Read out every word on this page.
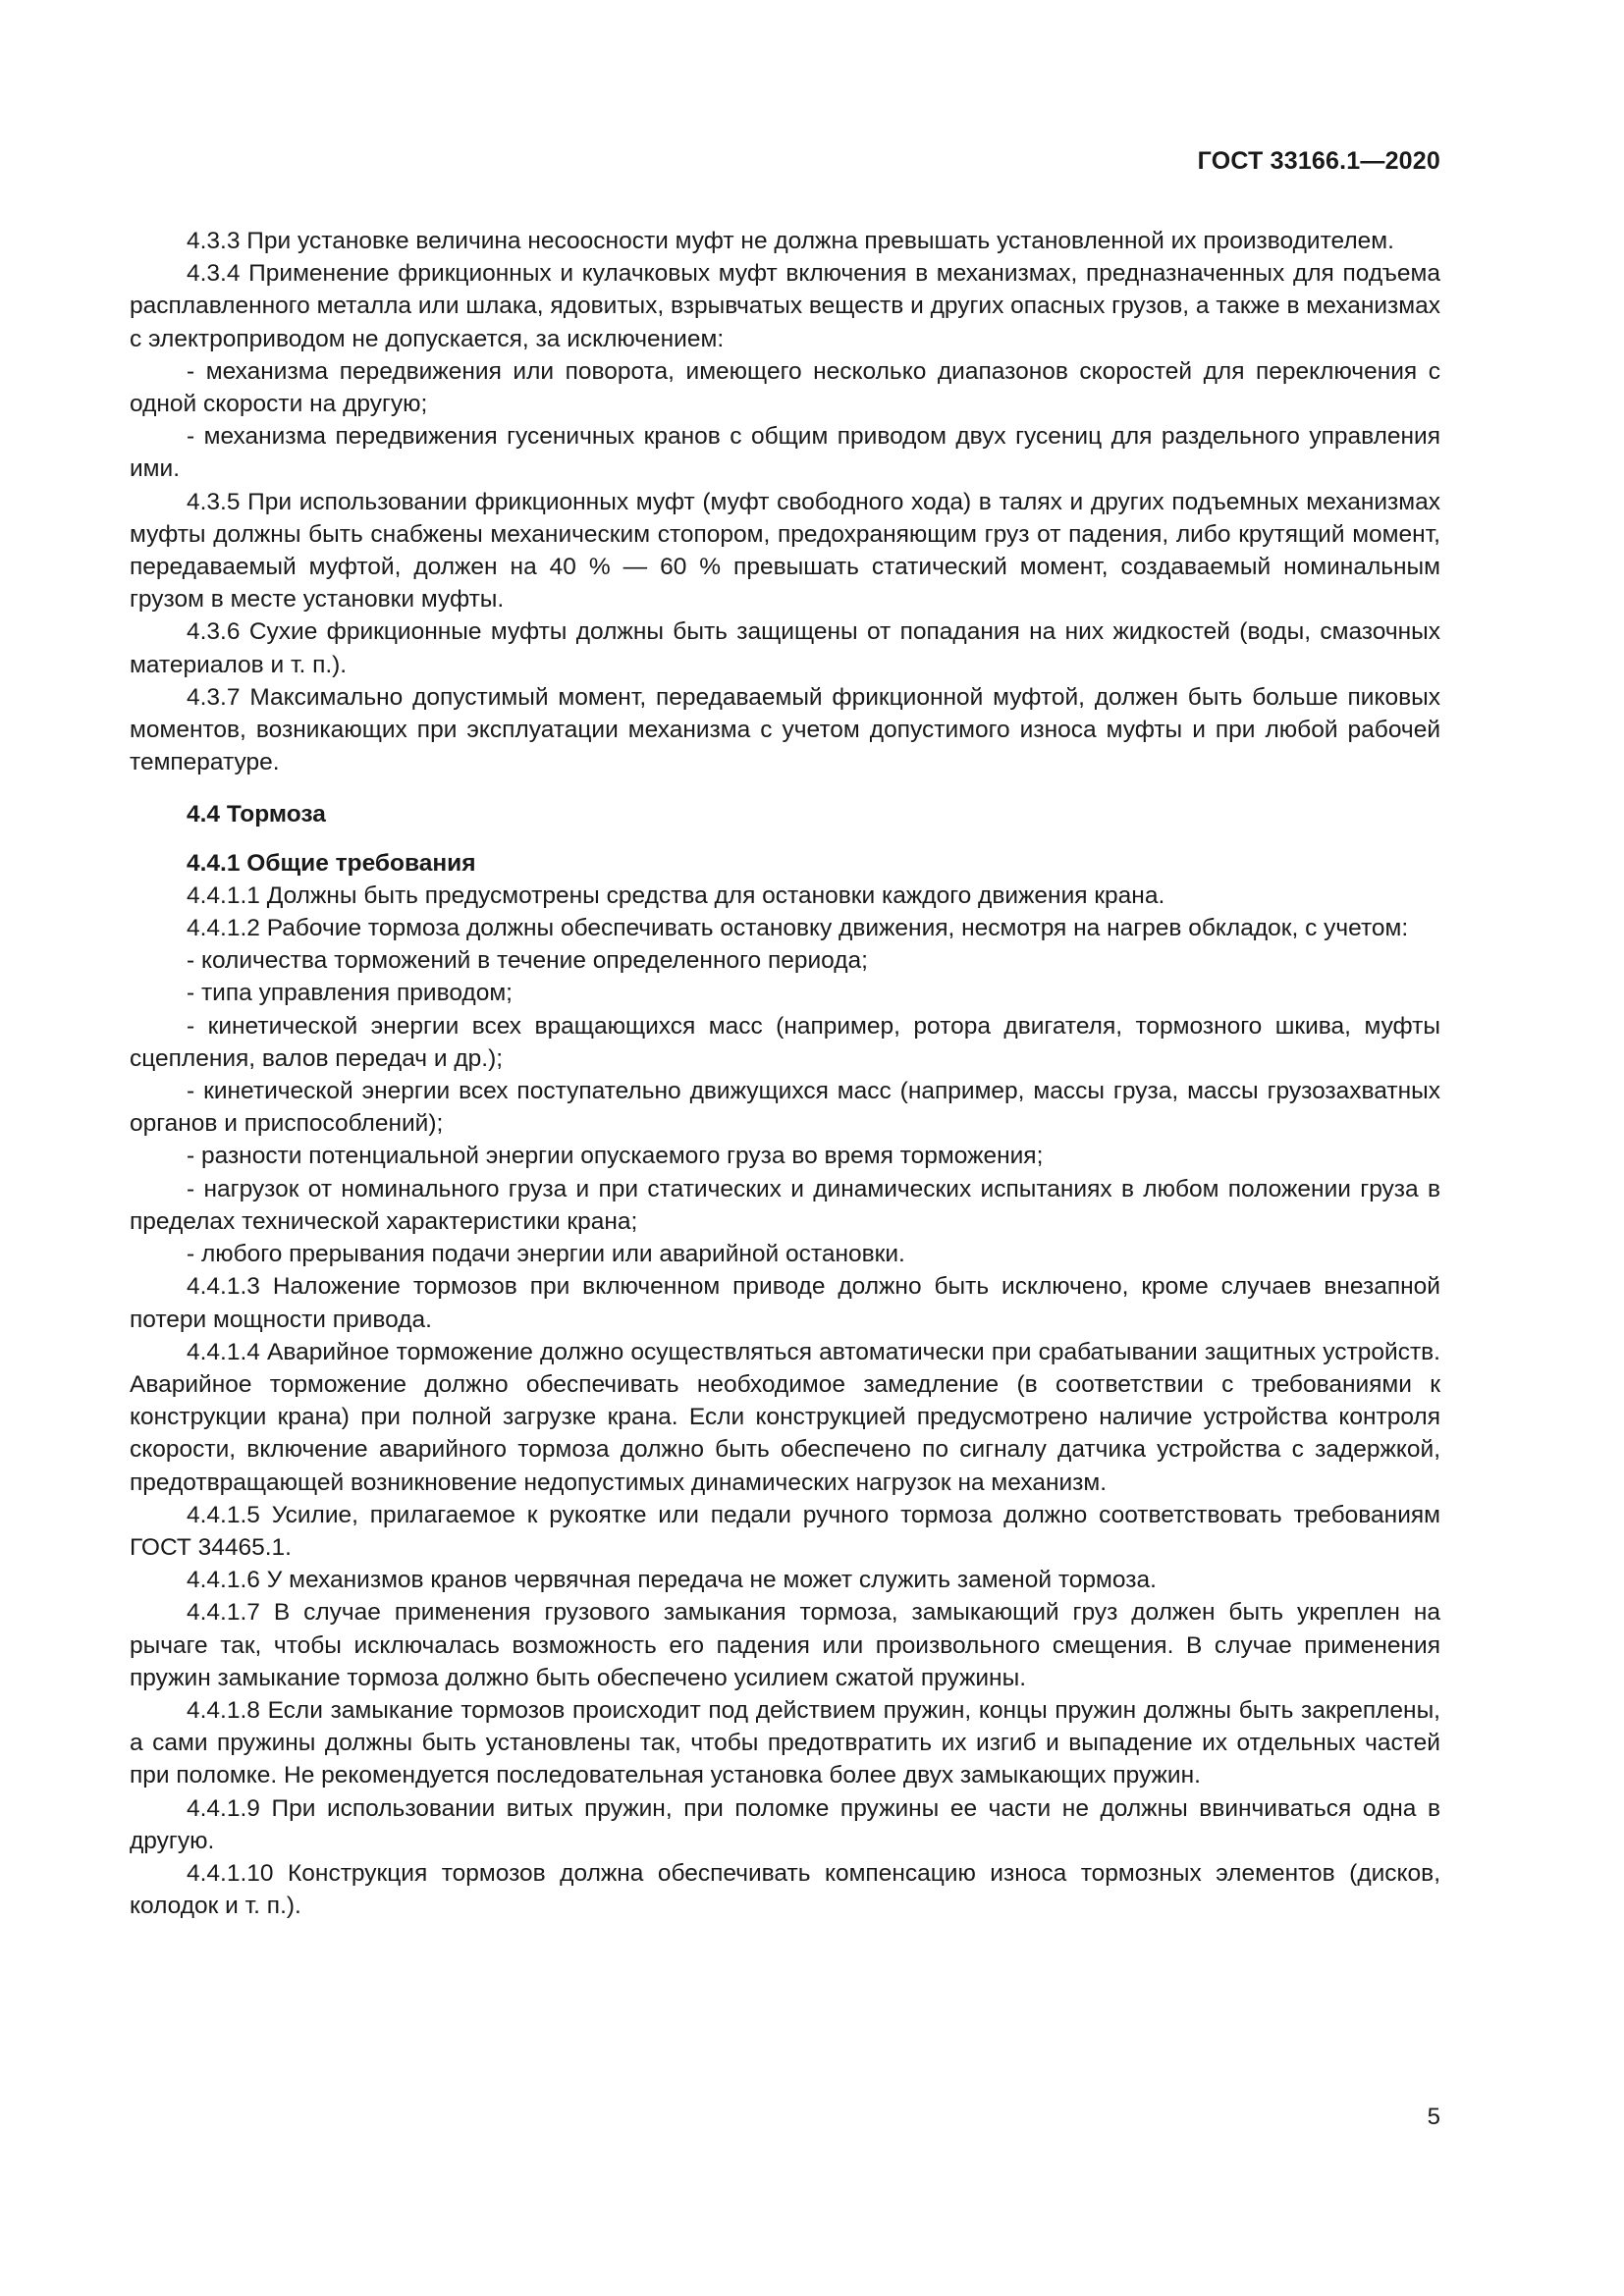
ГОСТ 33166.1—2020

4.3.3 При установке величина несоосности муфт не должна превышать установленной их производителем.

4.3.4 Применение фрикционных и кулачковых муфт включения в механизмах, предназначенных для подъема расплавленного металла или шлака, ядовитых, взрывчатых веществ и других опасных грузов, а также в механизмах с электроприводом не допускается, за исключением:

- механизма передвижения или поворота, имеющего несколько диапазонов скоростей для переключения с одной скорости на другую;

- механизма передвижения гусеничных кранов с общим приводом двух гусениц для раздельного управления ими.

4.3.5 При использовании фрикционных муфт (муфт свободного хода) в талях и других подъемных механизмах муфты должны быть снабжены механическим стопором, предохраняющим груз от падения, либо крутящий момент, передаваемый муфтой, должен на 40 % — 60 % превышать статический момент, создаваемый номинальным грузом в месте установки муфты.

4.3.6 Сухие фрикционные муфты должны быть защищены от попадания на них жидкостей (воды, смазочных материалов и т. п.).

4.3.7 Максимально допустимый момент, передаваемый фрикционной муфтой, должен быть больше пиковых моментов, возникающих при эксплуатации механизма с учетом допустимого износа муфты и при любой рабочей температуре.

4.4 Тормоза

4.4.1 Общие требования

4.4.1.1 Должны быть предусмотрены средства для остановки каждого движения крана.

4.4.1.2 Рабочие тормоза должны обеспечивать остановку движения, несмотря на нагрев обкладок, с учетом:

- количества торможений в течение определенного периода;

- типа управления приводом;

- кинетической энергии всех вращающихся масс (например, ротора двигателя, тормозного шкива, муфты сцепления, валов передач и др.);

- кинетической энергии всех поступательно движущихся масс (например, массы груза, массы грузозахватных органов и приспособлений);

- разности потенциальной энергии опускаемого груза во время торможения;

- нагрузок от номинального груза и при статических и динамических испытаниях в любом положении груза в пределах технической характеристики крана;

- любого прерывания подачи энергии или аварийной остановки.

4.4.1.3 Наложение тормозов при включенном приводе должно быть исключено, кроме случаев внезапной потери мощности привода.

4.4.1.4 Аварийное торможение должно осуществляться автоматически при срабатывании защитных устройств. Аварийное торможение должно обеспечивать необходимое замедление (в соответствии с требованиями к конструкции крана) при полной загрузке крана. Если конструкцией предусмотрено наличие устройства контроля скорости, включение аварийного тормоза должно быть обеспечено по сигналу датчика устройства с задержкой, предотвращающей возникновение недопустимых динамических нагрузок на механизм.

4.4.1.5 Усилие, прилагаемое к рукоятке или педали ручного тормоза должно соответствовать требованиям ГОСТ 34465.1.

4.4.1.6 У механизмов кранов червячная передача не может служить заменой тормоза.

4.4.1.7 В случае применения грузового замыкания тормоза, замыкающий груз должен быть укреплен на рычаге так, чтобы исключалась возможность его падения или произвольного смещения. В случае применения пружин замыкание тормоза должно быть обеспечено усилием сжатой пружины.

4.4.1.8 Если замыкание тормозов происходит под действием пружин, концы пружин должны быть закреплены, а сами пружины должны быть установлены так, чтобы предотвратить их изгиб и выпадение их отдельных частей при поломке. Не рекомендуется последовательная установка более двух замыкающих пружин.

4.4.1.9 При использовании витых пружин, при поломке пружины ее части не должны ввинчиваться одна в другую.

4.4.1.10 Конструкция тормозов должна обеспечивать компенсацию износа тормозных элементов (дисков, колодок и т. п.).

5
